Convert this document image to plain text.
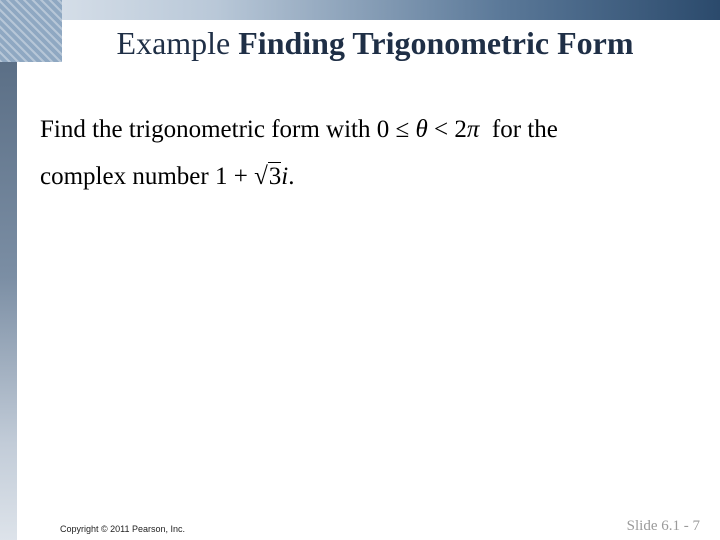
Example Finding Trigonometric Form
Find the trigonometric form with 0 ≤ θ < 2π  for the
complex number 1 + √3i.
Copyright © 2011 Pearson, Inc.	Slide 6.1 - 7
